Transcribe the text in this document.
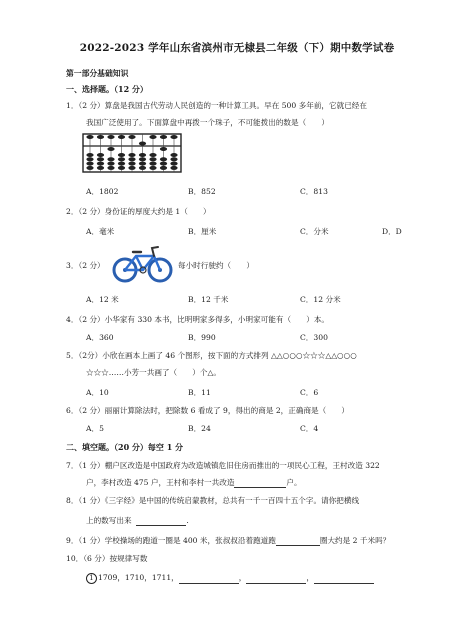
2022-2023 学年山东省滨州市无棣县二年级（下）期中数学试卷
第一部分基础知识
一、选择题。（12 分）
1．（2 分）算盘是我国古代劳动人民创造的一种计算工具。早在 500 多年前，它就已经在
我国广泛使用了。下面算盘中再拨一个珠子，不可能拨出的数是（　　）
A．1802	B．852	C．813
2．（2 分）身份证的厚度大约是 1（　　）
A．毫米	B．厘米	C．分米	D．D
3．（2 分）	每小时行驶约（　　）
A．12 米	B．12 千米	C．12 分米
4．（2 分）小华家有 330 本书，比明明家多得多，小明家可能有（　　）本。
A．360	B．990	C．300
5．（2分）小欣在画本上画了 46 个图形，按下面的方式排列 △△○○○☆☆☆△△○○○
☆☆☆……小芳一共画了（　　）个△。
A．10	B．11	C．6
6．（2 分）丽丽计算除法时，把除数 6 看成了 9，得出的商是 2，正确商是（　　）
A．5	B．24	C．4
二、填空题。（20 分）每空 1 分
7．（1 分）棚户区改造是中国政府为改造城镇危旧住房而推出的一项民心工程，王村改造 322
户，李村改造 475 户，王村和李村一共改造	户。
8．（1 分）《三字经》是中国的传统启蒙教材，总共有一千一百四十五个字。请你把横线
上的数写出来	.
9．（1 分）学校操场的跑道一圈是 400 米，张叔叔沿着跑道跑	圈大约是 2 千米吗？
10．（6 分）按规律写数
1 1709，1710，1711，	，	，
